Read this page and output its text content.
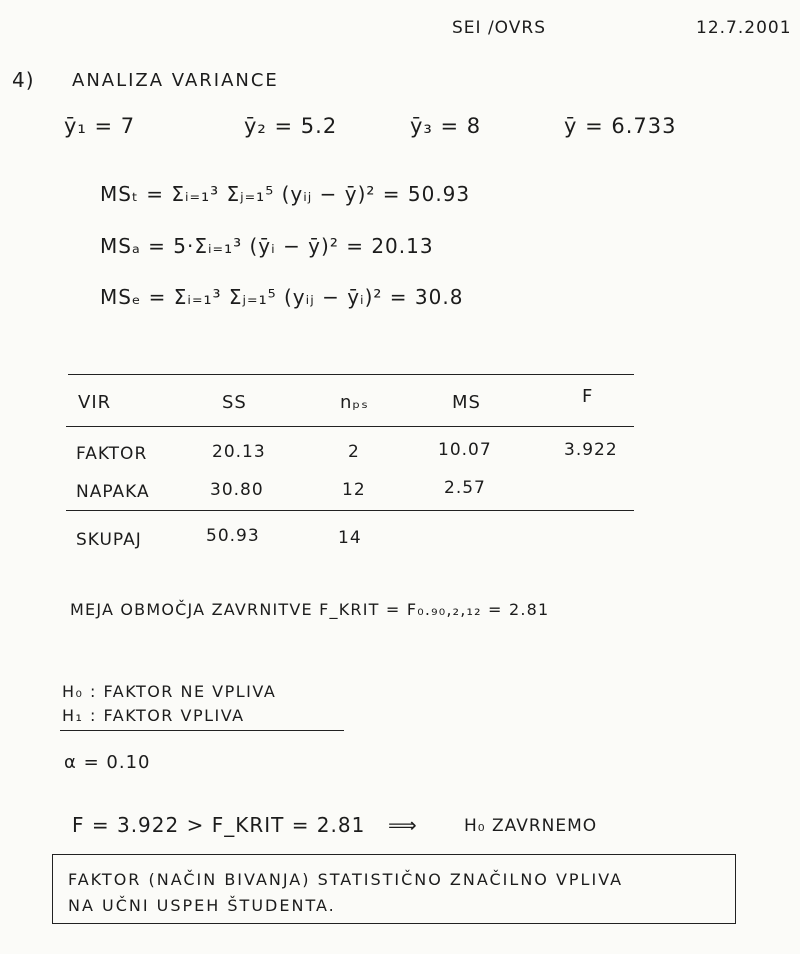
SEI /OVRS	12.7.2001
4) ANALIZA VARIANCE
ȳ₁ = 7	ȳ₂ = 5.2	ȳ₃ = 8	ȳ = 6.733
MSₜ = Σᵢ₌₁³ Σⱼ₌₁⁵ (yᵢⱼ − ȳ)² = 50.93
MSₐ = 5·Σᵢ₌₁³ (ȳᵢ − ȳ)² = 20.13
MSₑ = Σᵢ₌₁³ Σⱼ₌₁⁵ (yᵢⱼ − ȳᵢ)² = 30.8
VIR	SS	nₚₛ	MS	F
FAKTOR	20.13	2	10.07	3.922
NAPAKA	30.80	12	2.57
SKUPAJ	50.93	14
MEJA OBMOČJA ZAVRNITVE F_KRIT = F₀.₉₀,₂,₁₂ = 2.81
H₀ : FAKTOR NE VPLIVA
H₁ : FAKTOR VPLIVA
α = 0.10
F = 3.922 > F_KRIT = 2.81 ⟹	H₀ ZAVRNEMO
FAKTOR (NAČIN BIVANJA) STATISTIČNO ZNAČILNO VPLIVA
NA UČNI USPEH ŠTUDENTA.
